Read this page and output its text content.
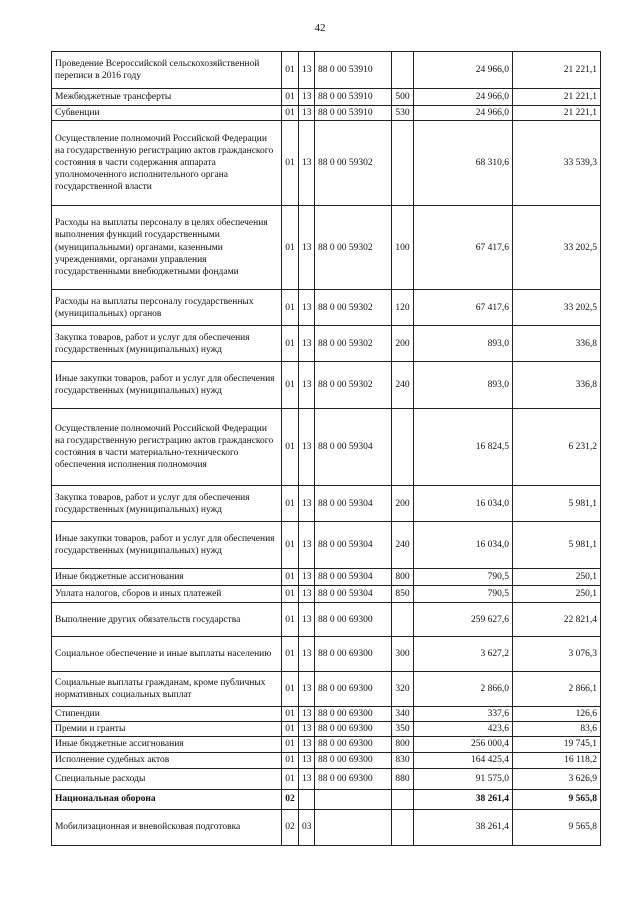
42
Проведение Всероссийской сельскохозяйственной переписи в 2016 году	01	13	88 0 00 53910		24 966,0	21 221,1
Межбюджетные трансферты	01	13	88 0 00 53910	500	24 966,0	21 221,1
Субвенции	01	13	88 0 00 53910	530	24 966,0	21 221,1
Осуществление полномочий Российской Федерации на государственную регистрацию актов гражданского состояния в части содержания аппарата уполномоченного исполнительного органа государственной власти	01	13	88 0 00 59302		68 310,6	33 539,3
Расходы на выплаты персоналу в целях обеспечения выполнения функций государственными (муниципальными) органами, казенными учреждениями, органами управления государственными внебюджетными фондами	01	13	88 0 00 59302	100	67 417,6	33 202,5
Расходы на выплаты персоналу государственных (муниципальных) органов	01	13	88 0 00 59302	120	67 417,6	33 202,5
Закупка товаров, работ и услуг для обеспечения государственных (муниципальных) нужд	01	13	88 0 00 59302	200	893,0	336,8
Иные закупки товаров, работ и услуг для обеспечения государственных (муниципальных) нужд	01	13	88 0 00 59302	240	893,0	336,8
Осуществление полномочий Российской Федерации на государственную регистрацию актов гражданского состояния в части материально-технического обеспечения исполнения полномочия	01	13	88 0 00 59304		16 824,5	6 231,2
Закупка товаров, работ и услуг для обеспечения государственных (муниципальных) нужд	01	13	88 0 00 59304	200	16 034,0	5 981,1
Иные закупки товаров, работ и услуг для обеспечения государственных (муниципальных) нужд	01	13	88 0 00 59304	240	16 034,0	5 981,1
Иные бюджетные ассигнования	01	13	88 0 00 59304	800	790,5	250,1
Уплата налогов, сборов и иных платежей	01	13	88 0 00 59304	850	790,5	250,1
Выполнение других обязательств государства	01	13	88 0 00 69300		259 627,6	22 821,4
Социальное обеспечение и иные выплаты населению	01	13	88 0 00 69300	300	3 627,2	3 076,3
Социальные выплаты гражданам, кроме публичных нормативных социальных выплат	01	13	88 0 00 69300	320	2 866,0	2 866,1
Стипендии	01	13	88 0 00 69300	340	337,6	126,6
Премии и гранты	01	13	88 0 00 69300	350	423,6	83,6
Иные бюджетные ассигнования	01	13	88 0 00 69300	800	256 000,4	19 745,1
Исполнение судебных актов	01	13	88 0 00 69300	830	164 425,4	16 118,2
Специальные расходы	01	13	88 0 00 69300	880	91 575,0	3 626,9
Национальная оборона	02				38 261,4	9 565,8
Мобилизационная и вневойсковая подготовка	02	03			38 261,4	9 565,8
